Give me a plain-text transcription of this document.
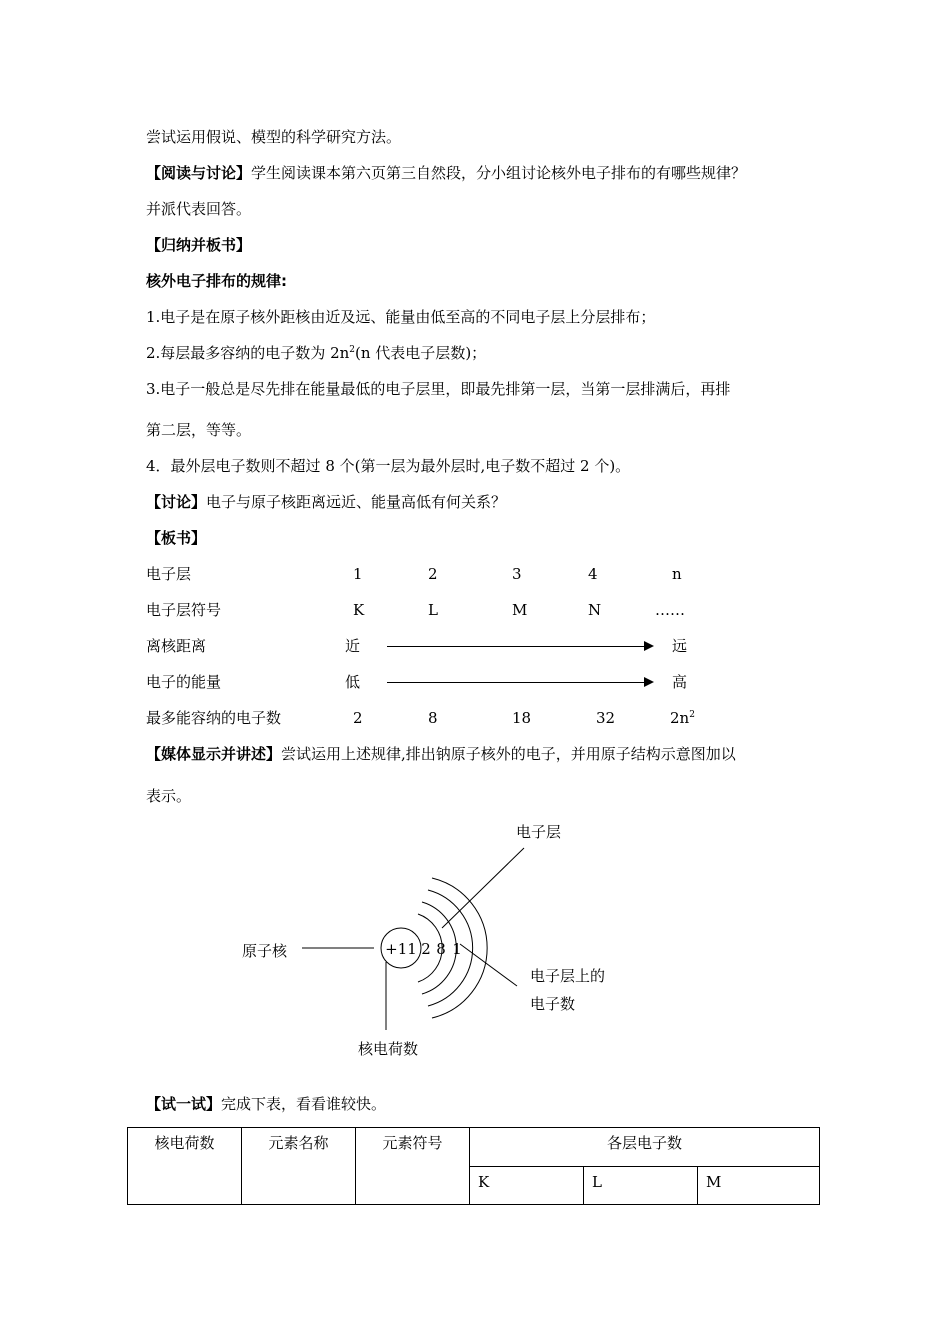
尝试运用假说、模型的科学研究方法。
【阅读与讨论】学生阅读课本第六页第三自然段，分小组讨论核外电子排布的有哪些规律？
并派代表回答。
【归纳并板书】
核外电子排布的规律:
1.电子是在原子核外距核由近及远、能量由低至高的不同电子层上分层排布；
2.每层最多容纳的电子数为 $2n^2(n$ 代表电子层数)；
3.电子一般总是尽先排在能量最低的电子层里，即最先排第一层，当第一层排满后，再排
第二层，等等。
4．最外层电子数则不超过 8 个(第一层为最外层时,电子数不超过 2 个)。
【讨论】电子与原子核距离远近、能量高低有何关系？
【板书】
电子层	1	2	3	4	n
电子层符号	K	L	M	N	……
离核距离	近	远
电子的能量	低	高
最多能容纳的电子数	2	8	18	32	$2n^2$
【媒体显示并讲述】尝试运用上述规律,排出钠原子核外的电子，并用原子结构示意图加以
表示。
电子层
原子核	+11 2 8 1
电子层上的
电子数
核电荷数
【试一试】完成下表，看看谁较快。
核电荷数	元素名称	元素符号	各层电子数		

			K	L	M
